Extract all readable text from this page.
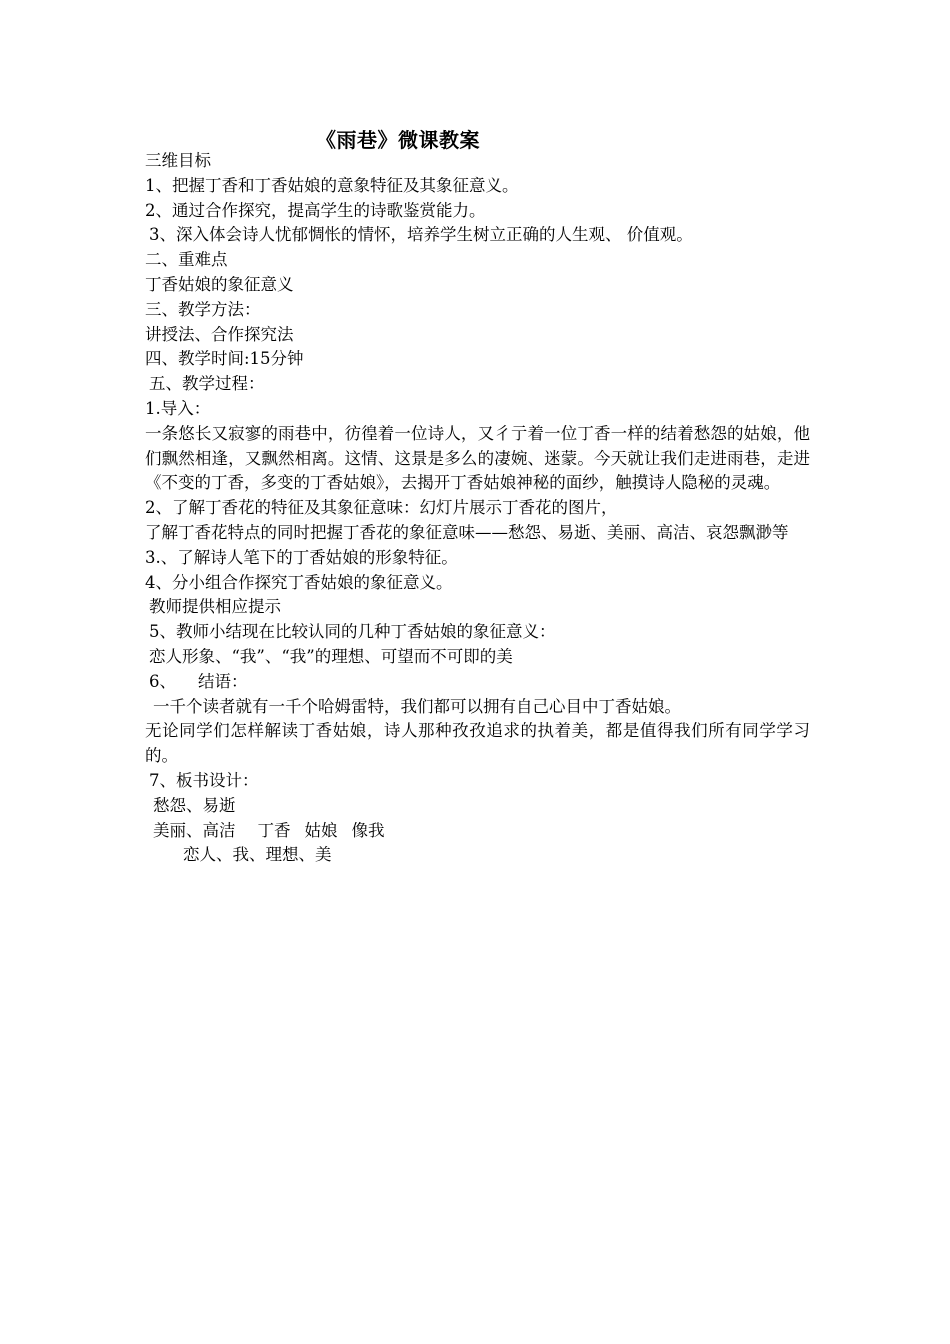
《雨巷》微课教案
三维目标
1、把握丁香和丁香姑娘的意象特征及其象征意义。
2、通过合作探究，提高学生的诗歌鉴赏能力。
3、深入体会诗人忧郁惆怅的情怀，培养学生树立正确的人生观、 价值观。
二、重难点
丁香姑娘的象征意义
三、教学方法：
讲授法、合作探究法
四、教学时间:15分钟
五、教学过程：
1.导入：
一条悠长又寂寥的雨巷中，彷徨着一位诗人，又彳亍着一位丁香一样的结着愁怨的姑娘，他们飘然相逢，又飘然相离。这情、这景是多么的凄婉、迷蒙。今天就让我们走进雨巷，走进《不变的丁香，多变的丁香姑娘》，去揭开丁香姑娘神秘的面纱，触摸诗人隐秘的灵魂。
2、了解丁香花的特征及其象征意味：幻灯片展示丁香花的图片，
了解丁香花特点的同时把握丁香花的象征意味——愁怨、易逝、美丽、高洁、哀怨飘渺等
3.、了解诗人笔下的丁香姑娘的形象特征。
4、分小组合作探究丁香姑娘的象征意义。
教师提供相应提示
5、教师小结现在比较认同的几种丁香姑娘的象征意义：
恋人形象、“我”、“我”的理想、可望而不可即的美
6、 结语：
一千个读者就有一千个哈姆雷特，我们都可以拥有自己心目中丁香姑娘。
无论同学们怎样解读丁香姑娘，诗人那种孜孜追求的执着美，都是值得我们所有同学学习的。
7、板书设计：
愁怨、易逝
美丽、高洁 丁香 姑娘 像我
恋人、我、理想、美
